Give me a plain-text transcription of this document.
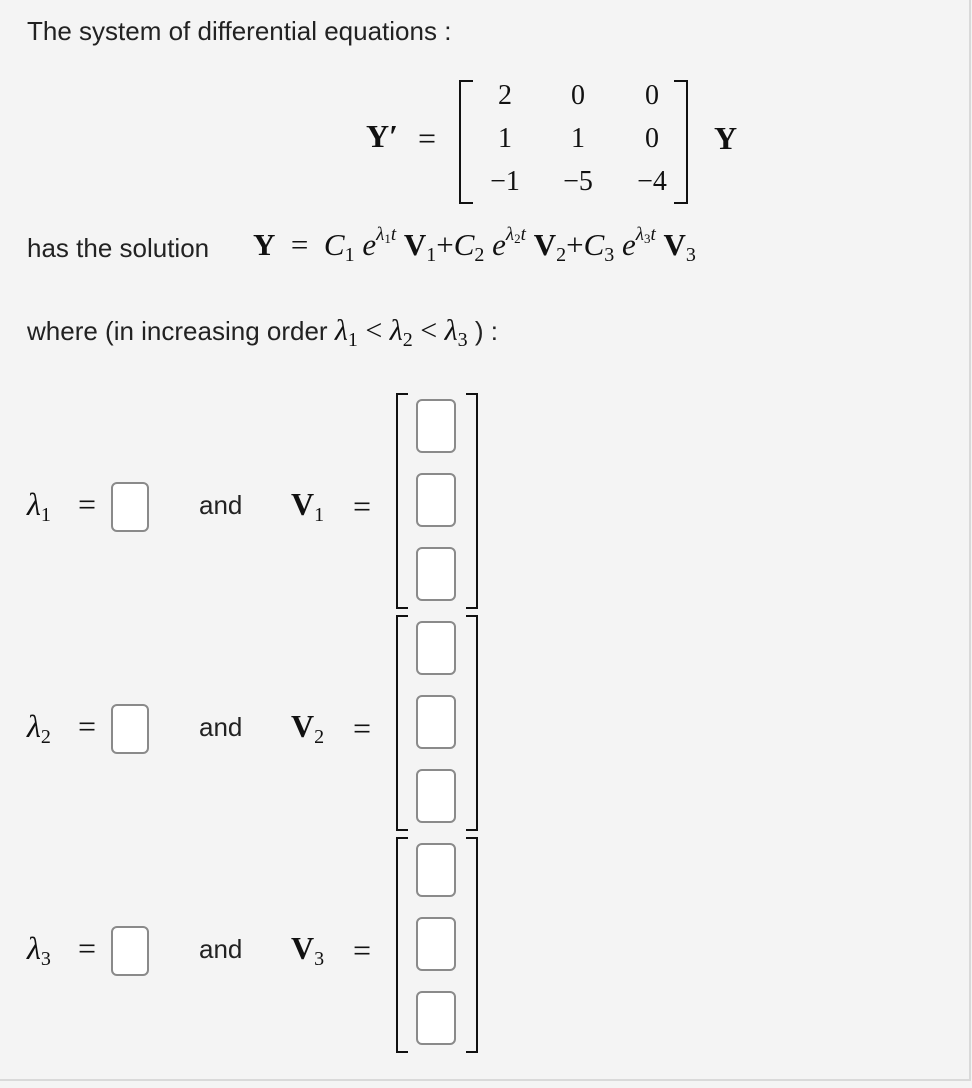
The system of differential equations :
Y′ =
2	0	0
1	1	0
−1	−5	−4
Y
has the solution $Y = C_1$ $e^{\lambda 1t}$ $V_1+C_2$ $e^{\lambda 2t}$ $V_2+C_3$ $e^{\lambda 3t}$ $V_3$
where (in increasing order $\lambda_1 < \lambda_2 < \lambda_3$ ) :
$\lambda_1$ =	and $V_1$ =
$\lambda_2$ =	and $V_2$ =
$\lambda_3$ =	and $V_3$ =
